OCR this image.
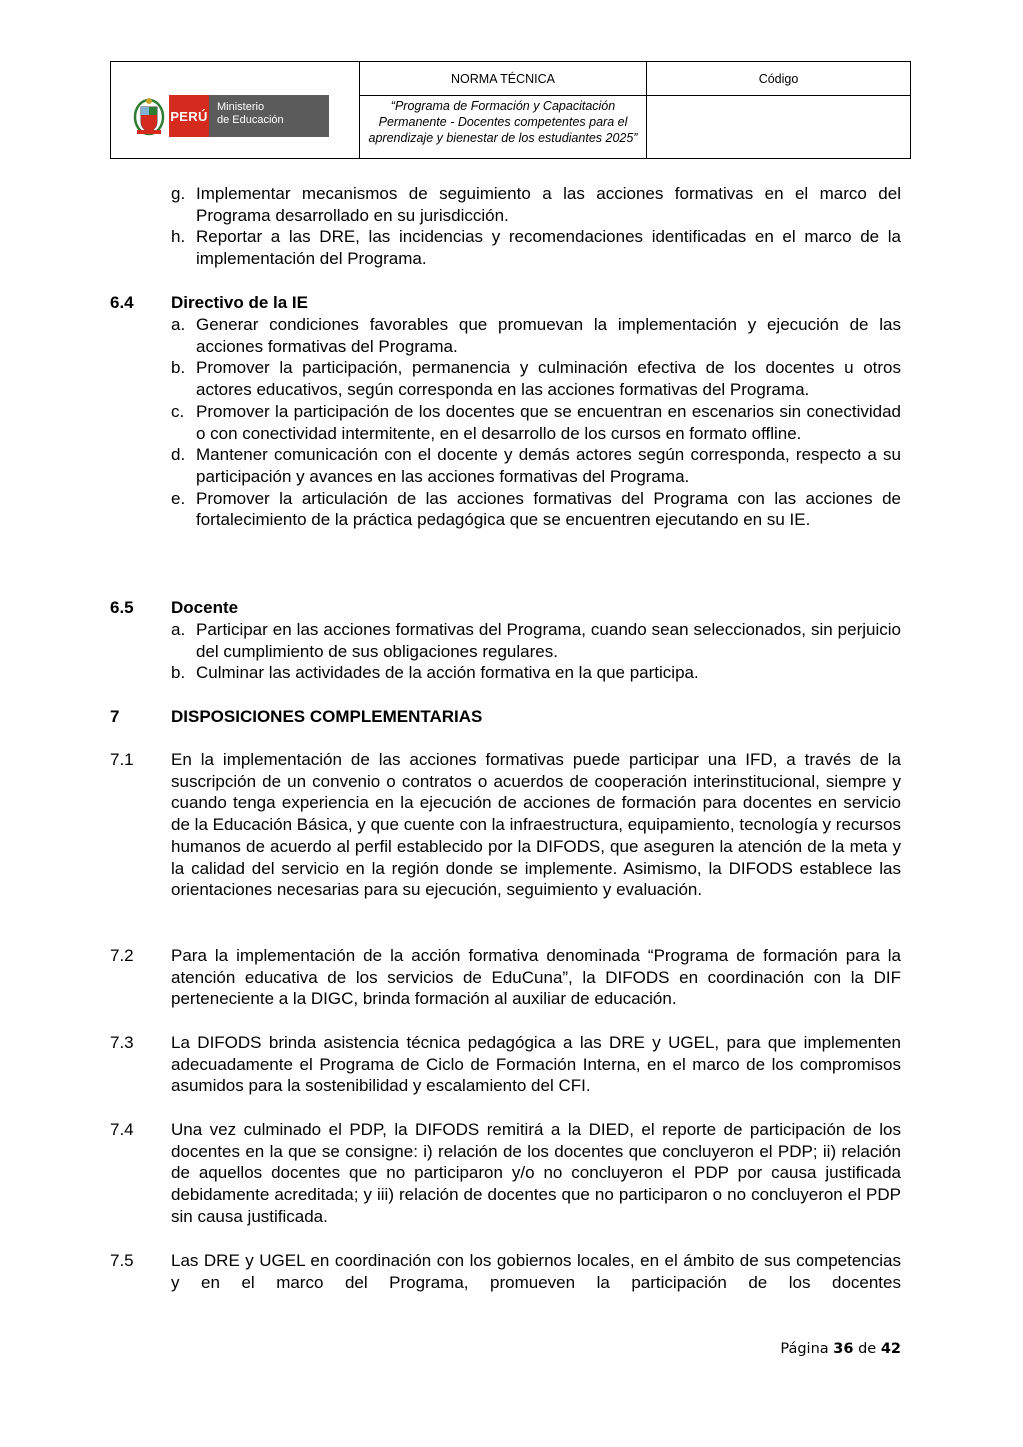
PERÚ
Ministerio
de Educación
NORMA TÉCNICA
“Programa de Formación y Capacitación Permanente - Docentes competentes para el aprendizaje y bienestar de los estudiantes 2025”
Código
g. Implementar mecanismos de seguimiento a las acciones formativas en el marco del Programa desarrollado en su jurisdicción.
h. Reportar a las DRE, las incidencias y recomendaciones identificadas en el marco de la implementación del Programa.
6.4 Directivo de la IE
a. Generar condiciones favorables que promuevan la implementación y ejecución de las acciones formativas del Programa.
b. Promover la participación, permanencia y culminación efectiva de los docentes u otros actores educativos, según corresponda en las acciones formativas del Programa.
c. Promover la participación de los docentes que se encuentran en escenarios sin conectividad o con conectividad intermitente, en el desarrollo de los cursos en formato offline.
d. Mantener comunicación con el docente y demás actores según corresponda, respecto a su participación y avances en las acciones formativas del Programa.
e. Promover la articulación de las acciones formativas del Programa con las acciones de fortalecimiento de la práctica pedagógica que se encuentren ejecutando en su IE.
6.5 Docente
a. Participar en las acciones formativas del Programa, cuando sean seleccionados, sin perjuicio del cumplimiento de sus obligaciones regulares.
b. Culminar las actividades de la acción formativa en la que participa.
7	DISPOSICIONES COMPLEMENTARIAS
7.1 En la implementación de las acciones formativas puede participar una IFD, a través de la suscripción de un convenio o contratos o acuerdos de cooperación interinstitucional, siempre y cuando tenga experiencia en la ejecución de acciones de formación para docentes en servicio de la Educación Básica, y que cuente con la infraestructura, equipamiento, tecnología y recursos humanos de acuerdo al perfil establecido por la DIFODS, que aseguren la atención de la meta y la calidad del servicio en la región donde se implemente. Asimismo, la DIFODS establece las orientaciones necesarias para su ejecución, seguimiento y evaluación.
7.2 Para la implementación de la acción formativa denominada “Programa de formación para la atención educativa de los servicios de EduCuna”, la DIFODS en coordinación con la DIF perteneciente a la DIGC, brinda formación al auxiliar de educación.
7.3 La DIFODS brinda asistencia técnica pedagógica a las DRE y UGEL, para que implementen adecuadamente el Programa de Ciclo de Formación Interna, en el marco de los compromisos asumidos para la sostenibilidad y escalamiento del CFI.
7.4 Una vez culminado el PDP, la DIFODS remitirá a la DIED, el reporte de participación de los docentes en la que se consigne: i) relación de los docentes que concluyeron el PDP; ii) relación de aquellos docentes que no participaron y/o no concluyeron el PDP por causa justificada debidamente acreditada; y iii) relación de docentes que no participaron o no concluyeron el PDP sin causa justificada.
7.5 Las DRE y UGEL en coordinación con los gobiernos locales, en el ámbito de sus competencias y en el marco del Programa, promueven la participación de los docentes
Página 36 de 42
